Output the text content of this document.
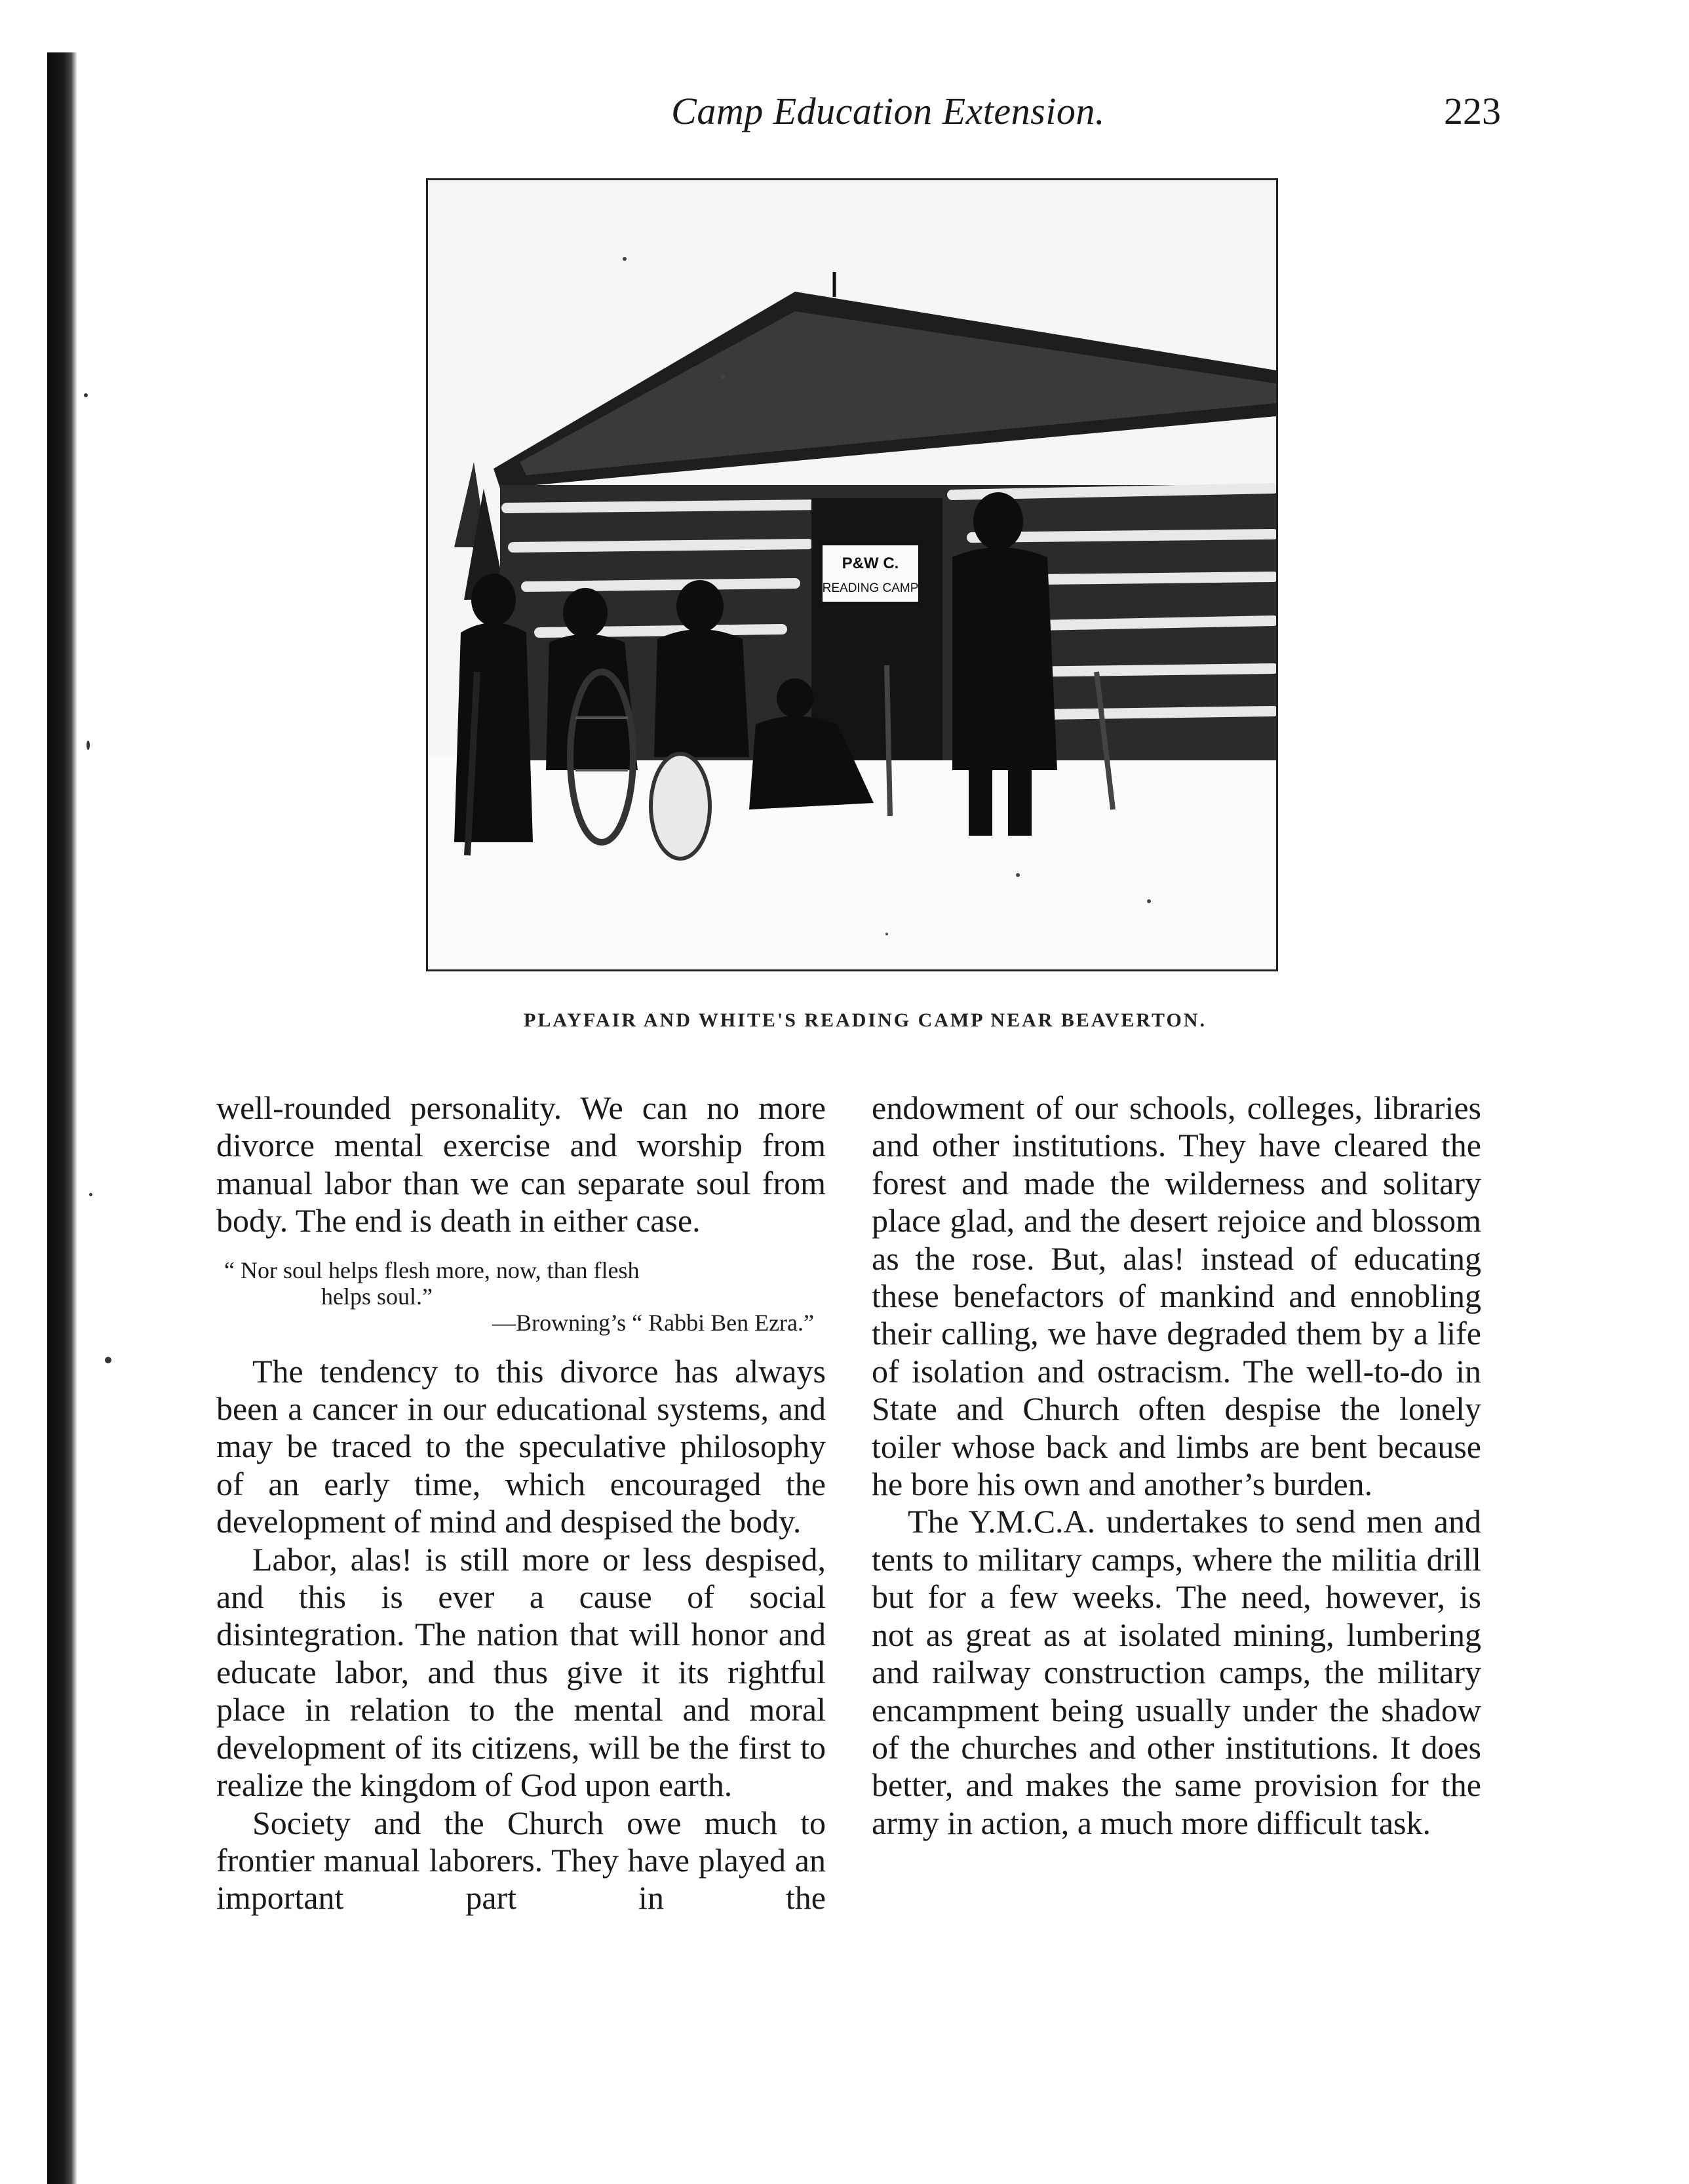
Camp Education Extension.	223
P&W C.
READING CAMP
PLAYFAIR AND WHITE'S READING CAMP NEAR BEAVERTON.

well-rounded personality. We can no more divorce mental exercise and worship from manual labor than we can separate soul from body. The end is death in either case.

“ Nor soul helps flesh more, now, than flesh
helps soul.”
—Browning’s “ Rabbi Ben Ezra.”

The tendency to this divorce has always been a cancer in our educational systems, and may be traced to the speculative philosophy of an early time, which encouraged the development of mind and despised the body.

Labor, alas! is still more or less despised, and this is ever a cause of social disintegration. The nation that will honor and educate labor, and thus give it its rightful place in relation to the mental and moral development of its citizens, will be the first to realize the kingdom of God upon earth.

Society and the Church owe much to frontier manual laborers. They have played an important part in the

endowment of our schools, colleges, libraries and other institutions. They have cleared the forest and made the wilderness and solitary place glad, and the desert rejoice and blossom as the rose. But, alas! instead of educating these benefactors of mankind and ennobling their calling, we have degraded them by a life of isolation and ostracism. The well-to-do in State and Church often despise the lonely toiler whose back and limbs are bent because he bore his own and another’s burden.

The Y.M.C.A. undertakes to send men and tents to military camps, where the militia drill but for a few weeks. The need, however, is not as great as at isolated mining, lumbering and railway construction camps, the military encampment being usually under the shadow of the churches and other institutions. It does better, and makes the same provision for the army in action, a much more difficult task.
